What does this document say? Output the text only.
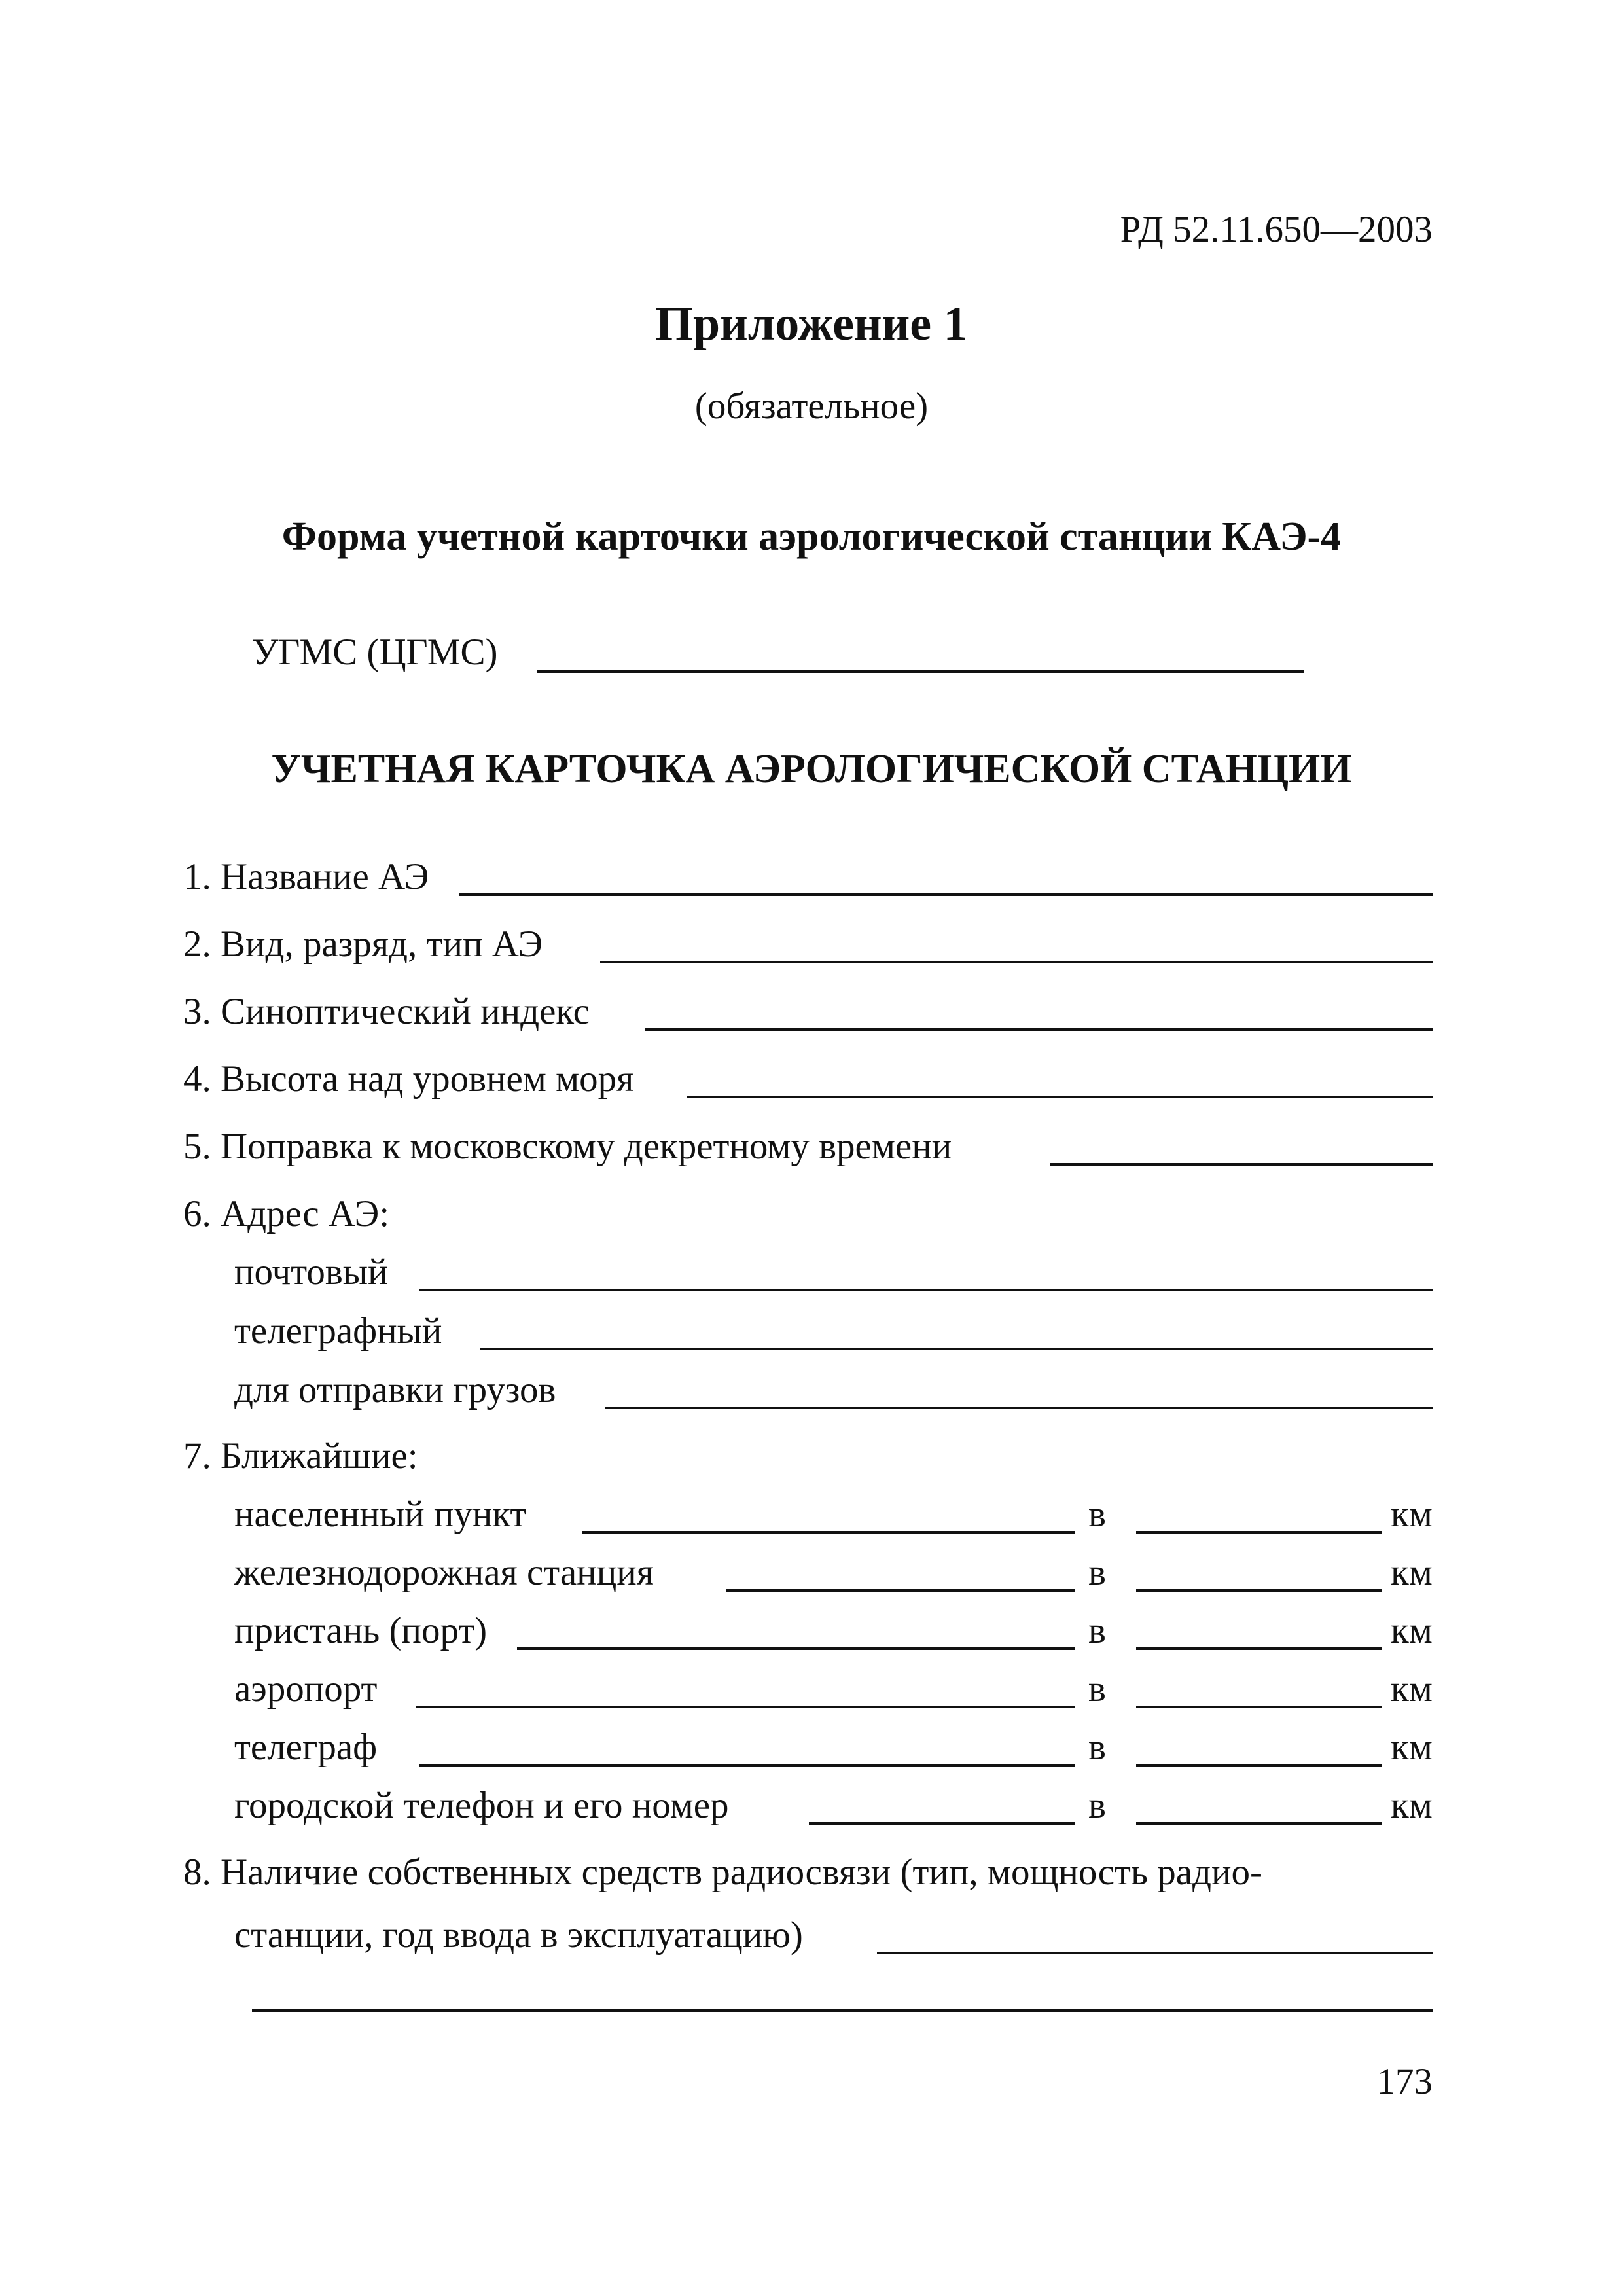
РД 52.11.650—2003
Приложение 1
(обязательное)
Форма учетной карточки аэрологической станции КАЭ-4
УГМС (ЦГМС)
УЧЕТНАЯ КАРТОЧКА АЭРОЛОГИЧЕСКОЙ СТАНЦИИ
1. Название АЭ
2. Вид, разряд, тип АЭ
3. Синоптический индекс
4. Высота над уровнем моря
5. Поправка к московскому декретному времени
6. Адрес АЭ:
почтовый
телеграфный
для отправки грузов
7. Ближайшие:
населенный пункт	в	км
железнодорожная станция	в	км
пристань (порт)	в	км
аэропорт	в	км
телеграф	в	км
городской телефон и его номер	в	км
8. Наличие собственных средств радиосвязи (тип, мощность радио-
станции, год ввода в эксплуатацию)
173
